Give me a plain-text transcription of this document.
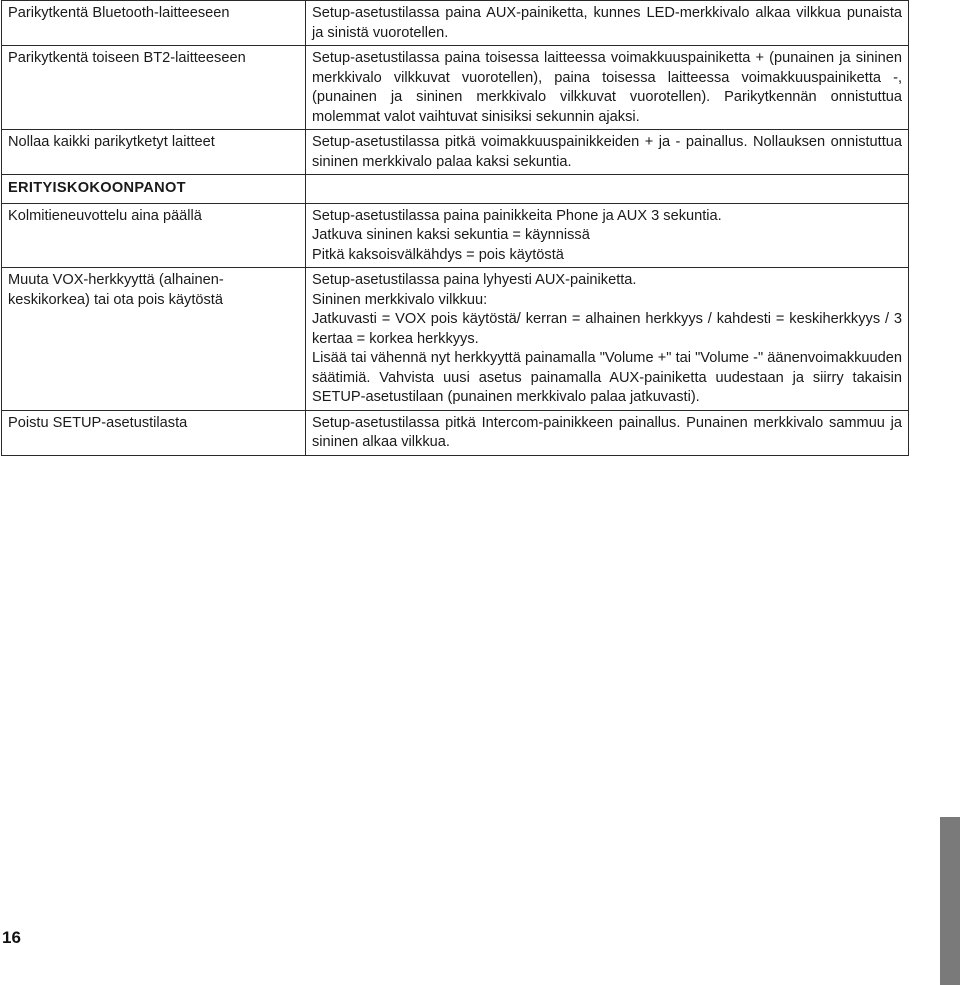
Parikytkentä Bluetooth-laitteeseen	Setup-asetustilassa paina AUX-painiketta, kunnes LED-merkkivalo alkaa vilkkua punaista ja sinistä vuorotellen.
Parikytkentä toiseen BT2-laitteeseen	Setup-asetustilassa paina toisessa laitteessa voimakkuuspainiketta + (punainen ja sininen merkkivalo vilkkuvat vuorotellen), paina toisessa laitteessa voimakkuuspainiketta -, (punainen ja sininen merkkivalo vilkkuvat vuorotellen). Parikytkennän onnistuttua molemmat valot vaihtuvat sinisiksi sekunnin ajaksi.
Nollaa kaikki parikytketyt laitteet	Setup-asetustilassa pitkä voimakkuuspainikkeiden + ja - painallus. Nollauksen onnistuttua sininen merkkivalo palaa kaksi sekuntia.
ERITYISKOKOONPANOT	
Kolmitieneuvottelu aina päällä	Setup-asetustilassa paina painikkeita Phone ja AUX 3 sekuntia.
Jatkuva sininen kaksi sekuntia = käynnissä
Pitkä kaksoisvälkähdys = pois käytöstä

Muuta VOX-herkkyyttä (alhainen-keskikorkea) tai ota pois käytöstä	Setup-asetustilassa paina lyhyesti AUX-painiketta.
Sininen merkkivalo vilkkuu:
Jatkuvasti = VOX pois käytöstä/ kerran = alhainen herkkyys / kahdesti = keskiherkkyys / 3 kertaa = korkea herkkyys.
Lisää tai vähennä nyt herkkyyttä painamalla "Volume +" tai "Volume -" äänenvoimakkuuden säätimiä. Vahvista uusi asetus painamalla AUX-painiketta uudestaan ja siirry takaisin SETUP-asetustilaan (punainen merkkivalo palaa jatkuvasti).

Poistu SETUP-asetustilasta	Setup-asetustilassa pitkä Intercom-painikkeen painallus. Punainen merkkivalo sammuu ja sininen alkaa vilkkua.
16
